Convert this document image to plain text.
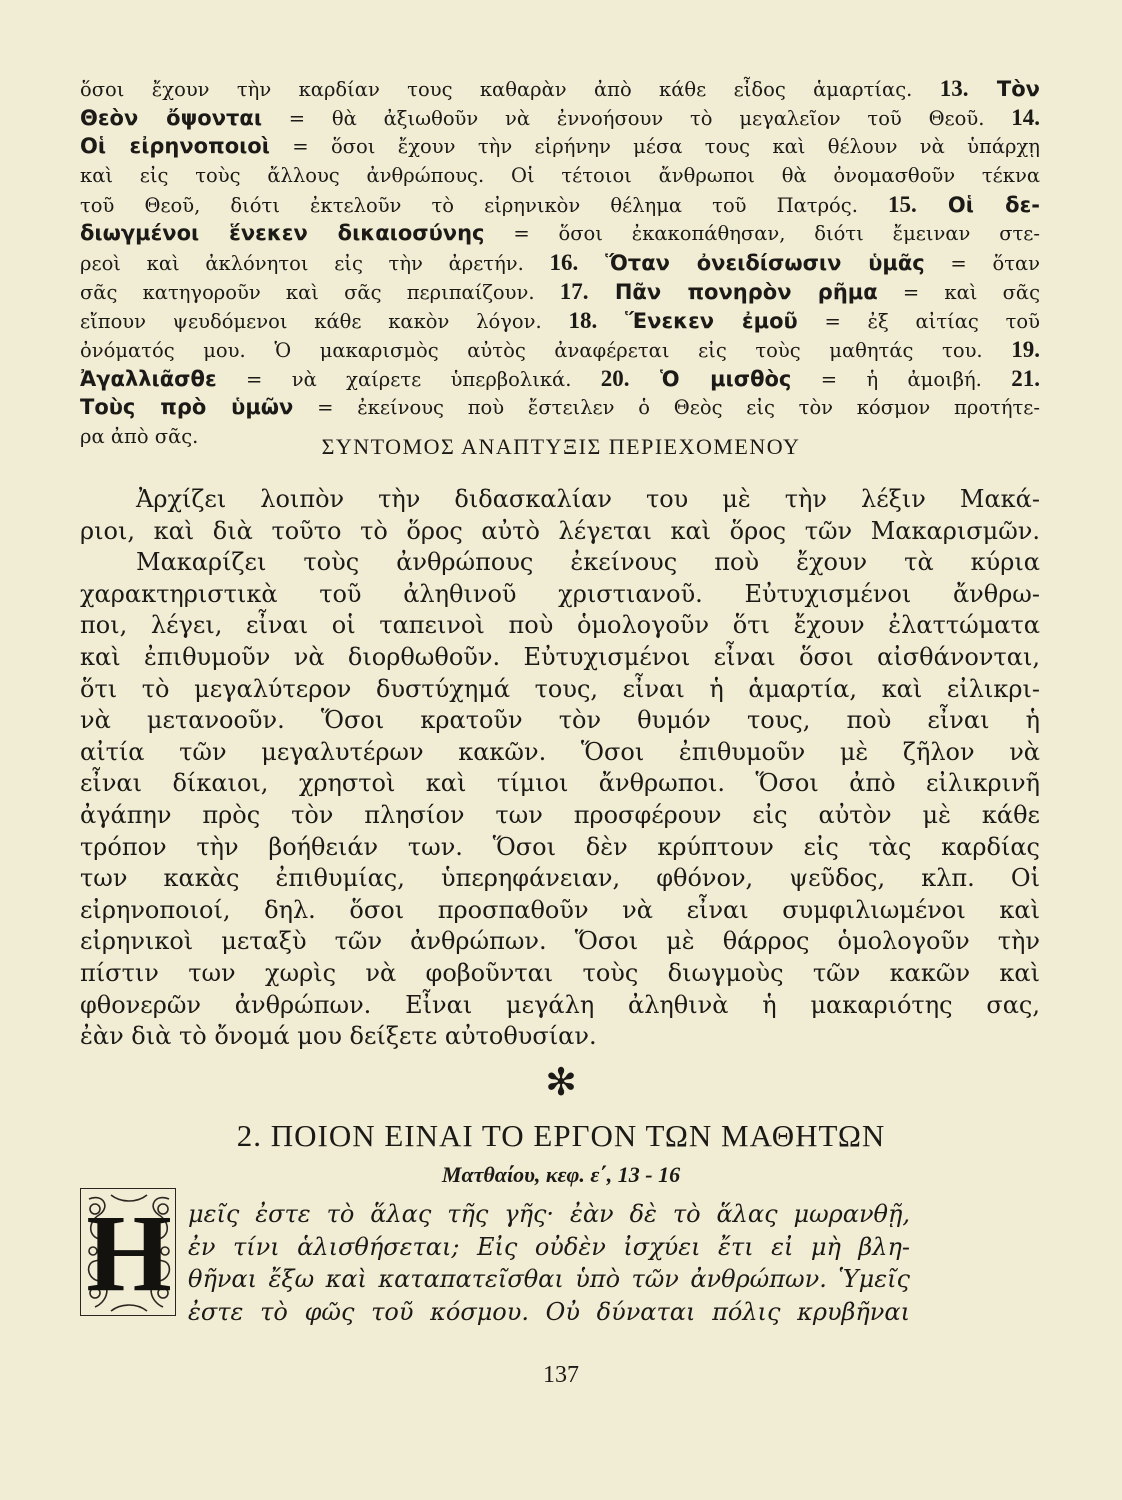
ὅσοι ἔχουν τὴν καρδίαν τους καθαρὰν ἀπὸ κάθε εἶδος ἁμαρτίας. 13. Τὸν
Θεὸν ὄψονται = θὰ ἀξιωθοῦν νὰ ἐννοήσουν τὸ μεγαλεῖον τοῦ Θεοῦ. 14.
Οἱ εἰρηνοποιοὶ = ὅσοι ἔχουν τὴν εἰρήνην μέσα τους καὶ θέλουν νὰ ὑπάρχῃ
καὶ εἰς τοὺς ἄλλους ἀνθρώπους. Οἱ τέτοιοι ἄνθρωποι θὰ ὀνομασθοῦν τέκνα
τοῦ Θεοῦ, διότι ἐκτελοῦν τὸ εἰρηνικὸν θέλημα τοῦ Πατρός. 15. Οἱ δε-
διωγμένοι ἕνεκεν δικαιοσύνης = ὅσοι ἐκακοπάθησαν, διότι ἔμειναν στε-
ρεοὶ καὶ ἀκλόνητοι εἰς τὴν ἀρετήν. 16. Ὅταν ὀνειδίσωσιν ὑμᾶς = ὅταν
σᾶς κατηγοροῦν καὶ σᾶς περιπαίζουν. 17. Πᾶν πονηρὸν ρῆμα = καὶ σᾶς
εἴπουν ψευδόμενοι κάθε κακὸν λόγον. 18. Ἕνεκεν ἐμοῦ = ἐξ αἰτίας τοῦ
ὀνόματός μου. Ὁ μακαρισμὸς αὐτὸς ἀναφέρεται εἰς τοὺς μαθητάς του. 19.
Ἀγαλλιᾶσθε = νὰ χαίρετε ὑπερβολικά. 20. Ὁ μισθὸς = ἡ ἀμοιβή. 21.
Τοὺς πρὸ ὑμῶν = ἐκείνους ποὺ ἔστειλεν ὁ Θεὸς εἰς τὸν κόσμον προτήτε-
ρα ἀπὸ σᾶς.	ΣΥΝΤΟΜΟΣ ΑΝΑΠΤΥΞΙΣ ΠΕΡΙΕΧΟΜΕΝΟΥ
Ἀρχίζει λοιπὸν τὴν διδασκαλίαν του μὲ τὴν λέξιν Μακά-
ριοι, καὶ διὰ τοῦτο τὸ ὅρος αὐτὸ λέγεται καὶ ὅρος τῶν Μακαρισμῶν.
Μακαρίζει τοὺς ἀνθρώπους ἐκείνους ποὺ ἔχουν τὰ κύρια
χαρακτηριστικὰ τοῦ ἀληθινοῦ χριστιανοῦ. Εὐτυχισμένοι ἄνθρω-
ποι, λέγει, εἶναι οἱ ταπεινοὶ ποὺ ὁμολογοῦν ὅτι ἔχουν ἐλαττώματα
καὶ ἐπιθυμοῦν νὰ διορθωθοῦν. Εὐτυχισμένοι εἶναι ὅσοι αἰσθάνονται,
ὅτι τὸ μεγαλύτερον δυστύχημά τους, εἶναι ἡ ἁμαρτία, καὶ εἰλικρι-
νὰ μετανοοῦν. Ὅσοι κρατοῦν τὸν θυμόν τους, ποὺ εἶναι ἡ
αἰτία τῶν μεγαλυτέρων κακῶν. Ὅσοι ἐπιθυμοῦν μὲ ζῆλον νὰ
εἶναι δίκαιοι, χρηστοὶ καὶ τίμιοι ἄνθρωποι. Ὅσοι ἀπὸ εἰλικρινῆ
ἀγάπην πρὸς τὸν πλησίον των προσφέρουν εἰς αὐτὸν μὲ κάθε
τρόπον τὴν βοήθειάν των. Ὅσοι δὲν κρύπτουν εἰς τὰς καρδίας
των κακὰς ἐπιθυμίας, ὑπερηφάνειαν, φθόνον, ψεῦδος, κλπ. Οἱ
εἰρηνοποιοί, δηλ. ὅσοι προσπαθοῦν νὰ εἶναι συμφιλιωμένοι καὶ
εἰρηνικοὶ μεταξὺ τῶν ἀνθρώπων. Ὅσοι μὲ θάρρος ὁμολογοῦν τὴν
πίστιν των χωρὶς νὰ φοβοῦνται τοὺς διωγμοὺς τῶν κακῶν καὶ
φθονερῶν ἀνθρώπων. Εἶναι μεγάλη ἀληθινὰ ἡ μακαριότης σας,
ἐὰν διὰ τὸ ὄνομά μου δείξετε αὐτοθυσίαν.
✻
2. ΠΟΙΟΝ ΕΙΝΑΙ ΤΟ ΕΡΓΟΝ ΤΩΝ ΜΑΘΗΤΩΝ
Ματθαίου, κεφ. ε΄, 13 - 16
Η μεῖς ἐστε τὸ ἅλας τῆς γῆς· ἐὰν δὲ τὸ ἅλας μωρανθῇ,
ἐν τίνι ἁλισθήσεται; Εἰς οὐδὲν ἰσχύει ἔτι εἰ μὴ βλη-
θῆναι ἔξω καὶ καταπατεῖσθαι ὑπὸ τῶν ἀνθρώπων. Ὑμεῖς
ἐστε τὸ φῶς τοῦ κόσμου. Οὐ δύναται πόλις κρυβῆναι
137
